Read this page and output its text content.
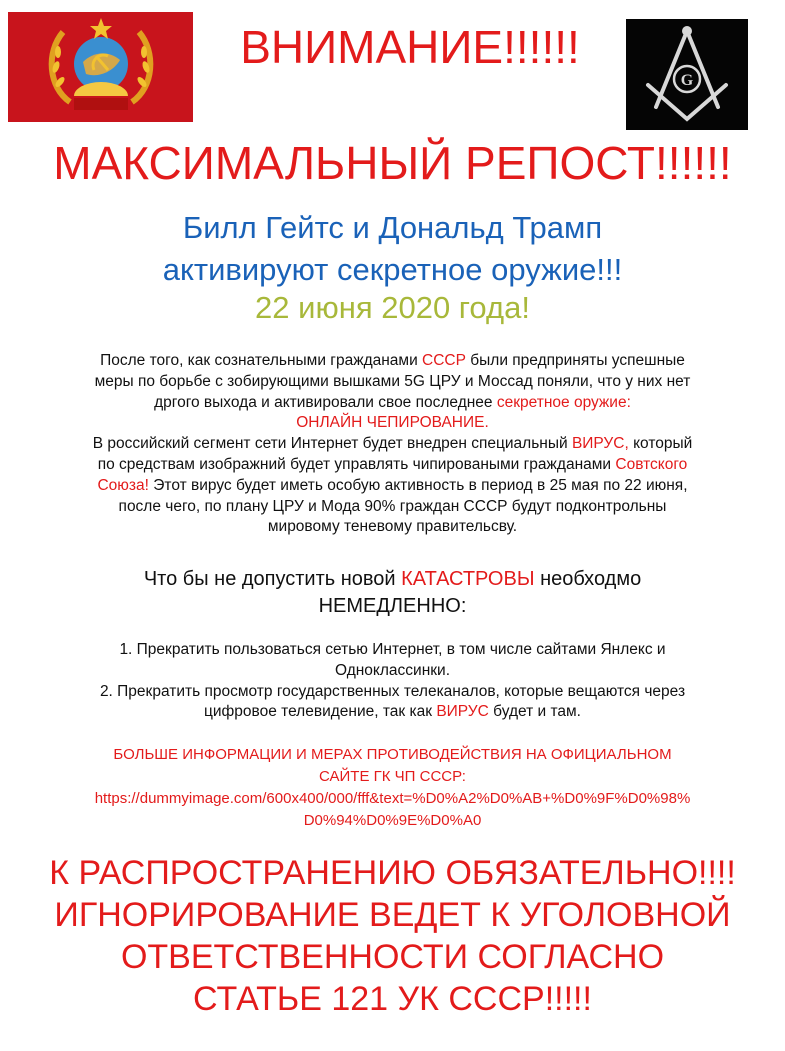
G
ВНИМАНИЕ!!!!!!
МАКСИМАЛЬНЫЙ РЕПОСТ!!!!!!
Билл Гейтс и Дональд Трамп
активируют секретное оружие!!!
22 июня 2020 года!
После того, как сознательными гражданами СССР были предприняты успешные
меры по борьбе с зобирующими вышками 5G ЦРУ и Моссад поняли, что у них нет
дргого выхода и активировали свое последнее секретное оружие:
ОНЛАЙН ЧЕПИРОВАНИЕ.
В российский сегмент сети Интернет будет внедрен специальный ВИРУС, который
по средствам изображний будет управлять чипироваными гражданами Совтского
Союза! Этот вирус будет иметь особую активность в период в 25 мая по 22 июня,
после чего, по плану ЦРУ и Мода 90% граждан СССР будут подконтрольны
мировому теневому правительсву.
Что бы не допустить новой КАТАСТРОВЫ необходмо
НЕМЕДЛЕННО:
1. Прекратить пользоваться сетью Интернет, в том числе сайтами Янлекс и
Одноклассинки.
2. Прекратить просмотр государственных телеканалов, которые вещаются через
цифровое телевидение, так как ВИРУС будет и там.
БОЛЬШЕ ИНФОРМАЦИИ И МЕРАХ ПРОТИВОДЕЙСТВИЯ НА ОФИЦИАЛЬНОМ
САЙТЕ ГК ЧП СССР:
https://dummyimage.com/600x400/000/fff&text=%D0%A2%D0%AB+%D0%9F%D0%98%
D0%94%D0%9E%D0%A0
К РАСПРОСТРАНЕНИЮ ОБЯЗАТЕЛЬНО!!!!
ИГНОРИРОВАНИЕ ВЕДЕТ К УГОЛОВНОЙ
ОТВЕТСТВЕННОСТИ СОГЛАСНО
СТАТЬЕ 121 УК СССР!!!!!
